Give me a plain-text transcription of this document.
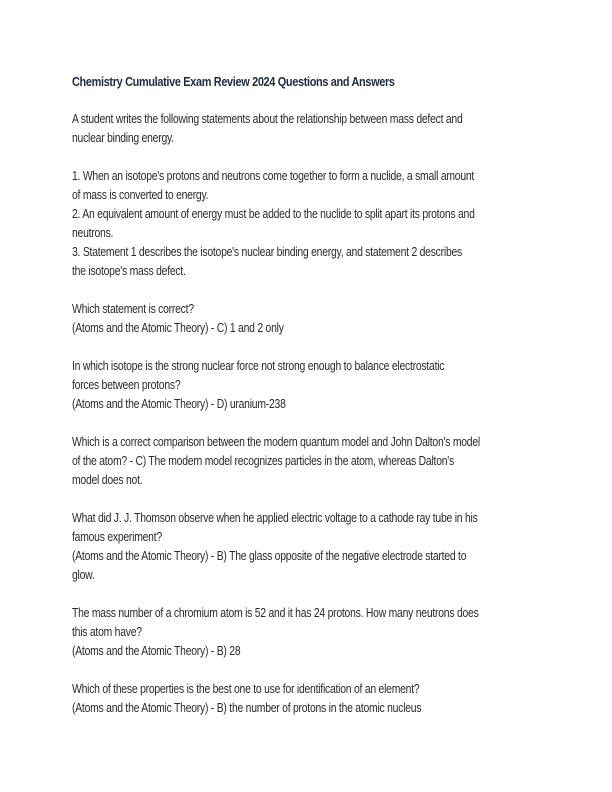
Chemistry Cumulative Exam Review 2024 Questions and Answers
A student writes the following statements about the relationship between mass defect and
nuclear binding energy.
1. When an isotope's protons and neutrons come together to form a nuclide, a small amount
of mass is converted to energy.
2. An equivalent amount of energy must be added to the nuclide to split apart its protons and
neutrons.
3. Statement 1 describes the isotope's nuclear binding energy, and statement 2 describes
the isotope's mass defect.
Which statement is correct?
(Atoms and the Atomic Theory) - C) 1 and 2 only
In which isotope is the strong nuclear force not strong enough to balance electrostatic
forces between protons?
(Atoms and the Atomic Theory) - D) uranium-238
Which is a correct comparison between the modern quantum model and John Dalton's model
of the atom? - C) The modern model recognizes particles in the atom, whereas Dalton's
model does not.
What did J. J. Thomson observe when he applied electric voltage to a cathode ray tube in his
famous experiment?
(Atoms and the Atomic Theory) - B) The glass opposite of the negative electrode started to
glow.
The mass number of a chromium atom is 52 and it has 24 protons. How many neutrons does
this atom have?
(Atoms and the Atomic Theory) - B) 28
Which of these properties is the best one to use for identification of an element?
(Atoms and the Atomic Theory) - B) the number of protons in the atomic nucleus
